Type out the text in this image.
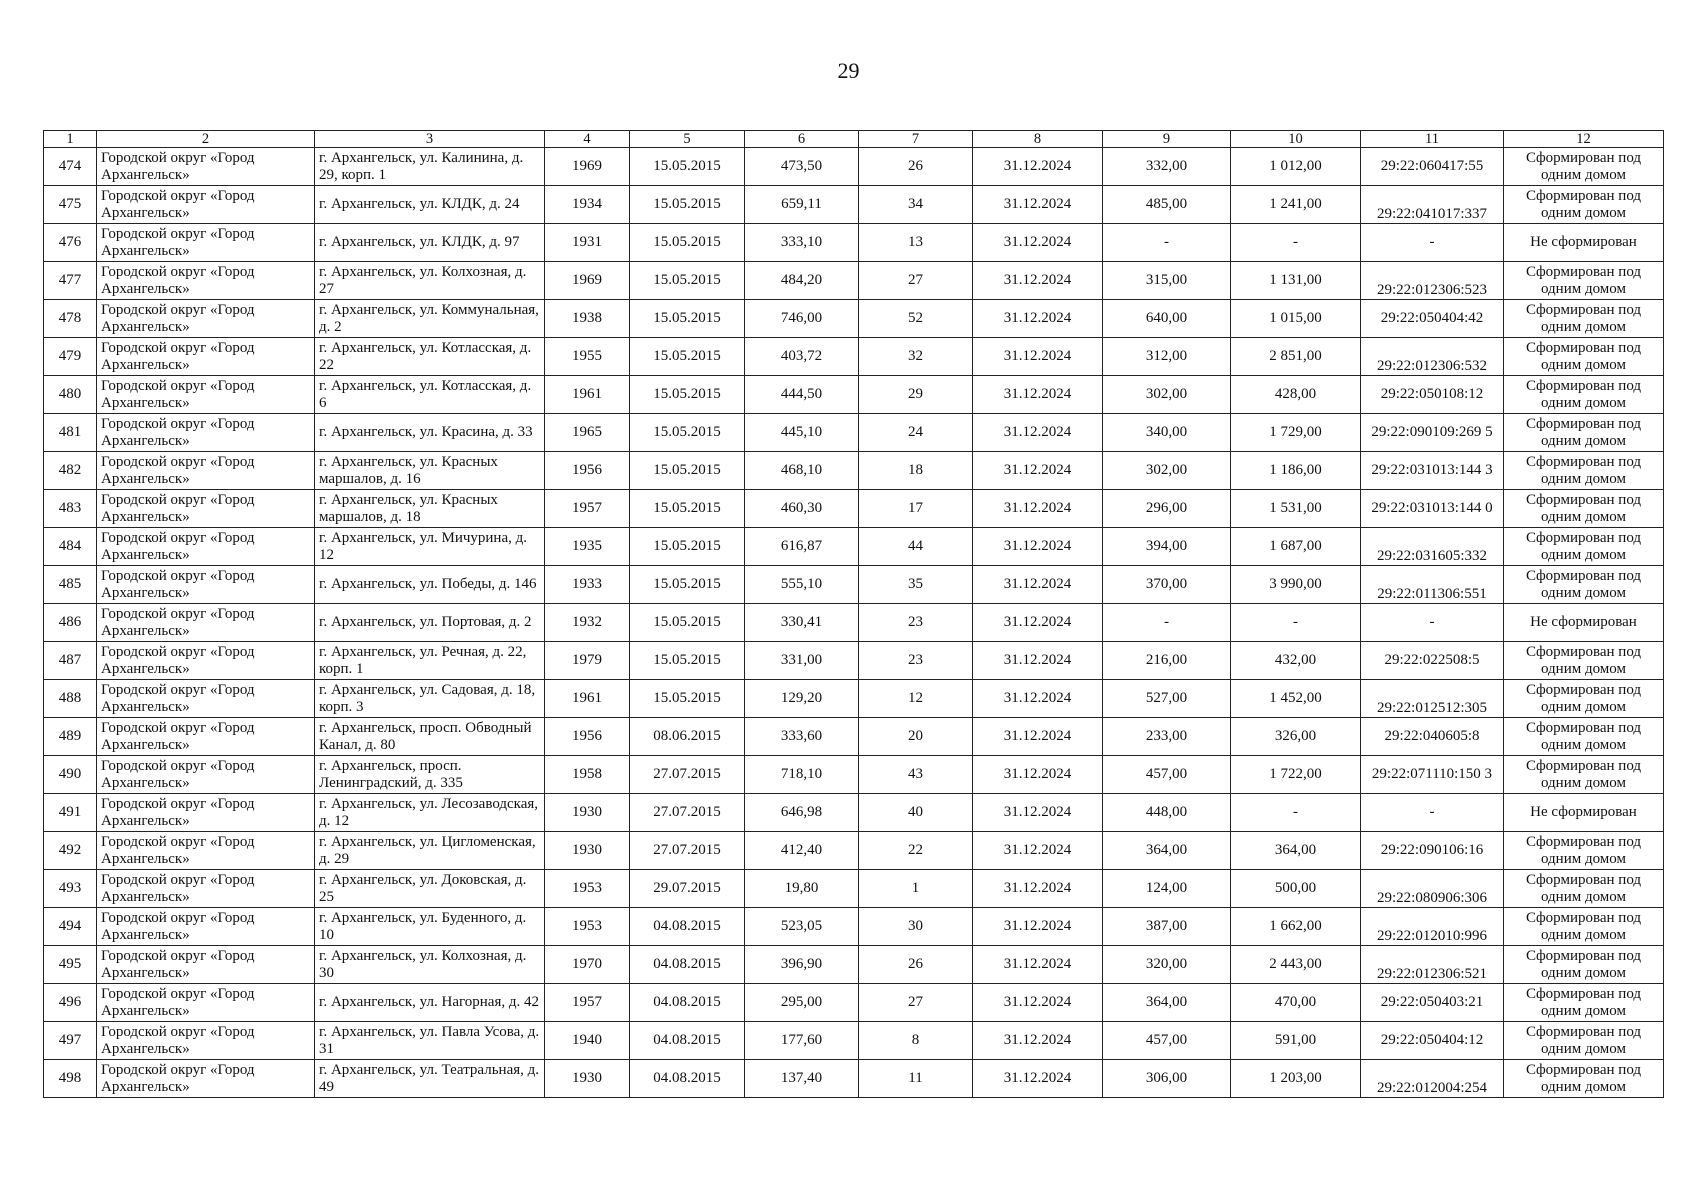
29
1	2	3	4	5	6	7	8	9	10	11	12
474	Городской округ «Город Архангельск»	г. Архангельск, ул. Калинина, д. 29, корп. 1	1969	15.05.2015	473,50	26	31.12.2024	332,00	1 012,00	29:22:060417:55	Сформирован под одним домом
475	Городской округ «Город Архангельск»	г. Архангельск, ул. КЛДК, д. 24	1934	15.05.2015	659,11	34	31.12.2024	485,00	1 241,00	29:22:041017:337	Сформирован под одним домом
476	Городской округ «Город Архангельск»	г. Архангельск, ул. КЛДК, д. 97	1931	15.05.2015	333,10	13	31.12.2024	-	-	-	Не сформирован
477	Городской округ «Город Архангельск»	г. Архангельск, ул. Колхозная, д. 27	1969	15.05.2015	484,20	27	31.12.2024	315,00	1 131,00	29:22:012306:523	Сформирован под одним домом
478	Городской округ «Город Архангельск»	г. Архангельск, ул. Коммунальная, д. 2	1938	15.05.2015	746,00	52	31.12.2024	640,00	1 015,00	29:22:050404:42	Сформирован под одним домом
479	Городской округ «Город Архангельск»	г. Архангельск, ул. Котласская, д. 22	1955	15.05.2015	403,72	32	31.12.2024	312,00	2 851,00	29:22:012306:532	Сформирован под одним домом
480	Городской округ «Город Архангельск»	г. Архангельск, ул. Котласская, д. 6	1961	15.05.2015	444,50	29	31.12.2024	302,00	428,00	29:22:050108:12	Сформирован под одним домом
481	Городской округ «Город Архангельск»	г. Архангельск, ул. Красина, д. 33	1965	15.05.2015	445,10	24	31.12.2024	340,00	1 729,00	29:22:090109:269 5	Сформирован под одним домом
482	Городской округ «Город Архангельск»	г. Архангельск, ул. Красных маршалов, д. 16	1956	15.05.2015	468,10	18	31.12.2024	302,00	1 186,00	29:22:031013:144 3	Сформирован под одним домом
483	Городской округ «Город Архангельск»	г. Архангельск, ул. Красных маршалов, д. 18	1957	15.05.2015	460,30	17	31.12.2024	296,00	1 531,00	29:22:031013:144 0	Сформирован под одним домом
484	Городской округ «Город Архангельск»	г. Архангельск, ул. Мичурина, д. 12	1935	15.05.2015	616,87	44	31.12.2024	394,00	1 687,00	29:22:031605:332	Сформирован под одним домом
485	Городской округ «Город Архангельск»	г. Архангельск, ул. Победы, д. 146	1933	15.05.2015	555,10	35	31.12.2024	370,00	3 990,00	29:22:011306:551	Сформирован под одним домом
486	Городской округ «Город Архангельск»	г. Архангельск, ул. Портовая, д. 2	1932	15.05.2015	330,41	23	31.12.2024	-	-	-	Не сформирован
487	Городской округ «Город Архангельск»	г. Архангельск, ул. Речная, д. 22, корп. 1	1979	15.05.2015	331,00	23	31.12.2024	216,00	432,00	29:22:022508:5	Сформирован под одним домом
488	Городской округ «Город Архангельск»	г. Архангельск, ул. Садовая, д. 18, корп. 3	1961	15.05.2015	129,20	12	31.12.2024	527,00	1 452,00	29:22:012512:305	Сформирован под одним домом
489	Городской округ «Город Архангельск»	г. Архангельск, просп. Обводный Канал, д. 80	1956	08.06.2015	333,60	20	31.12.2024	233,00	326,00	29:22:040605:8	Сформирован под одним домом
490	Городской округ «Город Архангельск»	г. Архангельск, просп. Ленинградский, д. 335	1958	27.07.2015	718,10	43	31.12.2024	457,00	1 722,00	29:22:071110:150 3	Сформирован под одним домом
491	Городской округ «Город Архангельск»	г. Архангельск, ул. Лесозаводская, д. 12	1930	27.07.2015	646,98	40	31.12.2024	448,00	-	-	Не сформирован
492	Городской округ «Город Архангельск»	г. Архангельск, ул. Цигломенская, д. 29	1930	27.07.2015	412,40	22	31.12.2024	364,00	364,00	29:22:090106:16	Сформирован под одним домом
493	Городской округ «Город Архангельск»	г. Архангельск, ул. Доковская, д. 25	1953	29.07.2015	19,80	1	31.12.2024	124,00	500,00	29:22:080906:306	Сформирован под одним домом
494	Городской округ «Город Архангельск»	г. Архангельск, ул. Буденного, д. 10	1953	04.08.2015	523,05	30	31.12.2024	387,00	1 662,00	29:22:012010:996	Сформирован под одним домом
495	Городской округ «Город Архангельск»	г. Архангельск, ул. Колхозная, д. 30	1970	04.08.2015	396,90	26	31.12.2024	320,00	2 443,00	29:22:012306:521	Сформирован под одним домом
496	Городской округ «Город Архангельск»	г. Архангельск, ул. Нагорная, д. 42	1957	04.08.2015	295,00	27	31.12.2024	364,00	470,00	29:22:050403:21	Сформирован под одним домом
497	Городской округ «Город Архангельск»	г. Архангельск, ул. Павла Усова, д. 31	1940	04.08.2015	177,60	8	31.12.2024	457,00	591,00	29:22:050404:12	Сформирован под одним домом
498	Городской округ «Город Архангельск»	г. Архангельск, ул. Театральная, д. 49	1930	04.08.2015	137,40	11	31.12.2024	306,00	1 203,00	29:22:012004:254	Сформирован под одним домом
